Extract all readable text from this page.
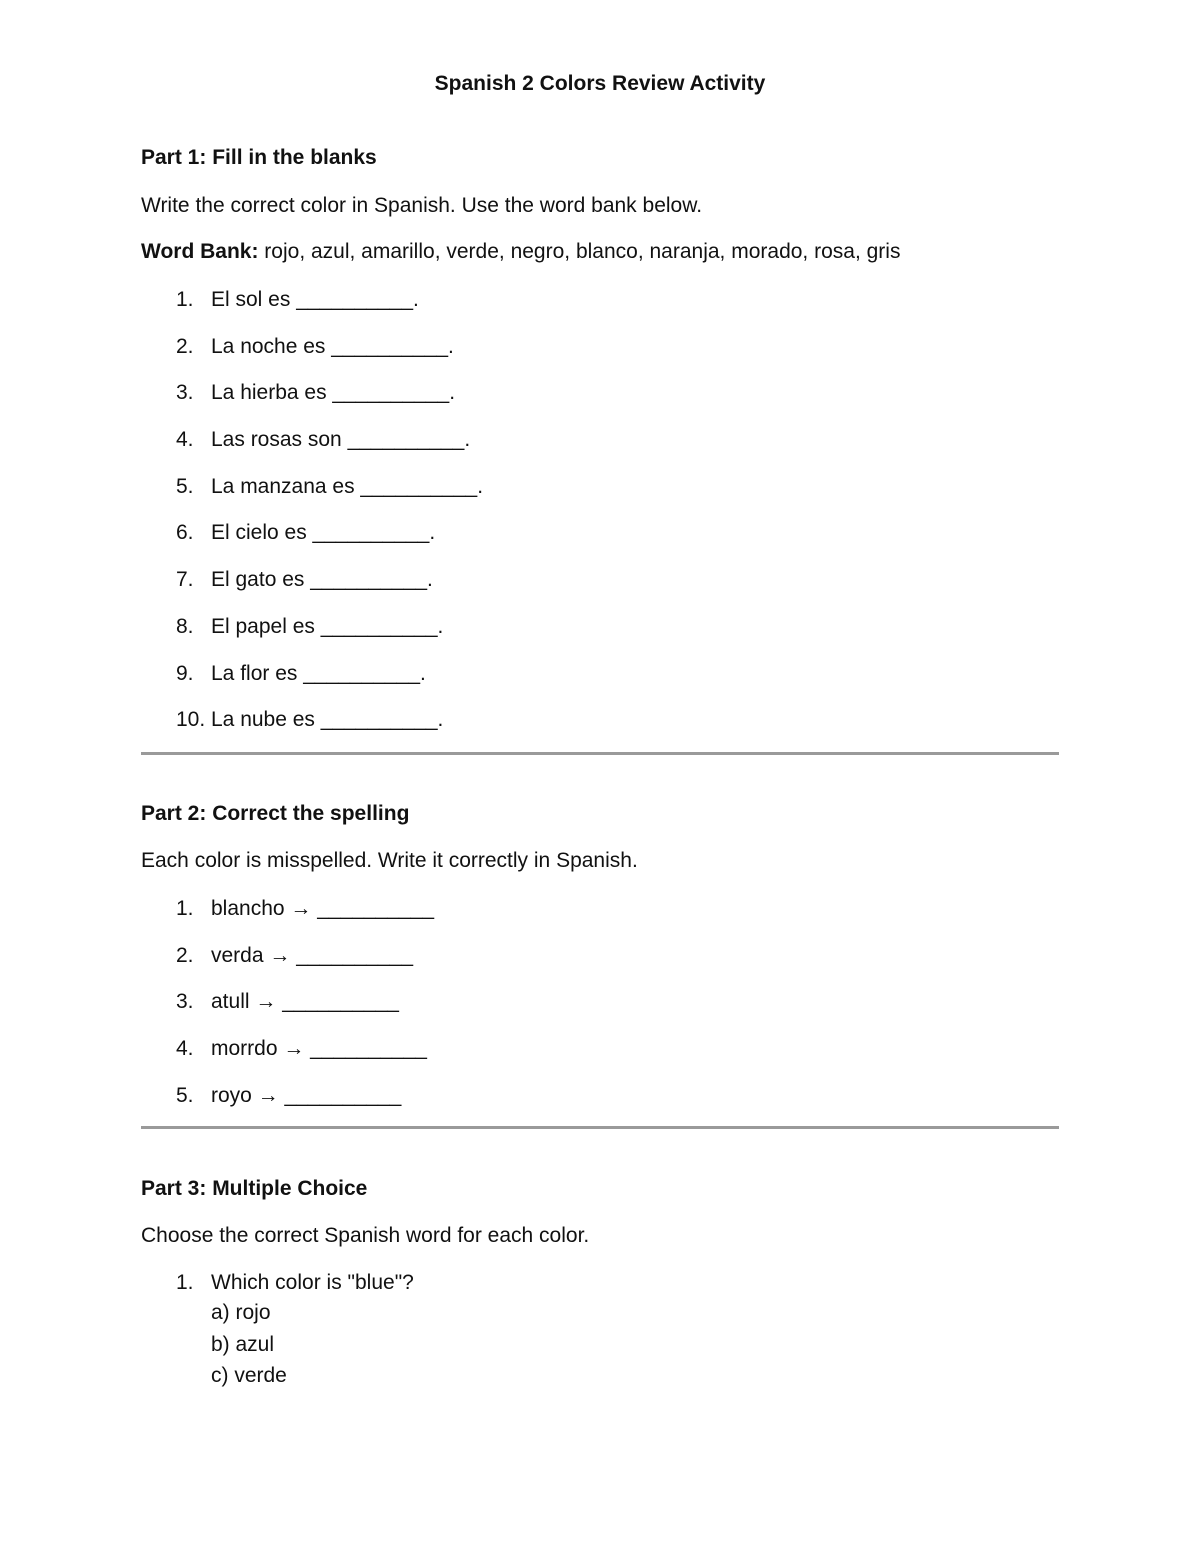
Spanish 2 Colors Review Activity
Part 1: Fill in the blanks
Write the correct color in Spanish. Use the word bank below.
Word Bank: rojo, azul, amarillo, verde, negro, blanco, naranja, morado, rosa, gris
1. El sol es __________.
2. La noche es __________.
3. La hierba es __________.
4. Las rosas son __________.
5. La manzana es __________.
6. El cielo es __________.
7. El gato es __________.
8. El papel es __________.
9. La flor es __________.
10. La nube es __________.
Part 2: Correct the spelling
Each color is misspelled. Write it correctly in Spanish.
1. blancho → __________
2. verda → __________
3. atull → __________
4. morrdo → __________
5. royo → __________
Part 3: Multiple Choice
Choose the correct Spanish word for each color.
1. Which color is "blue"?
a) rojo
b) azul
c) verde
